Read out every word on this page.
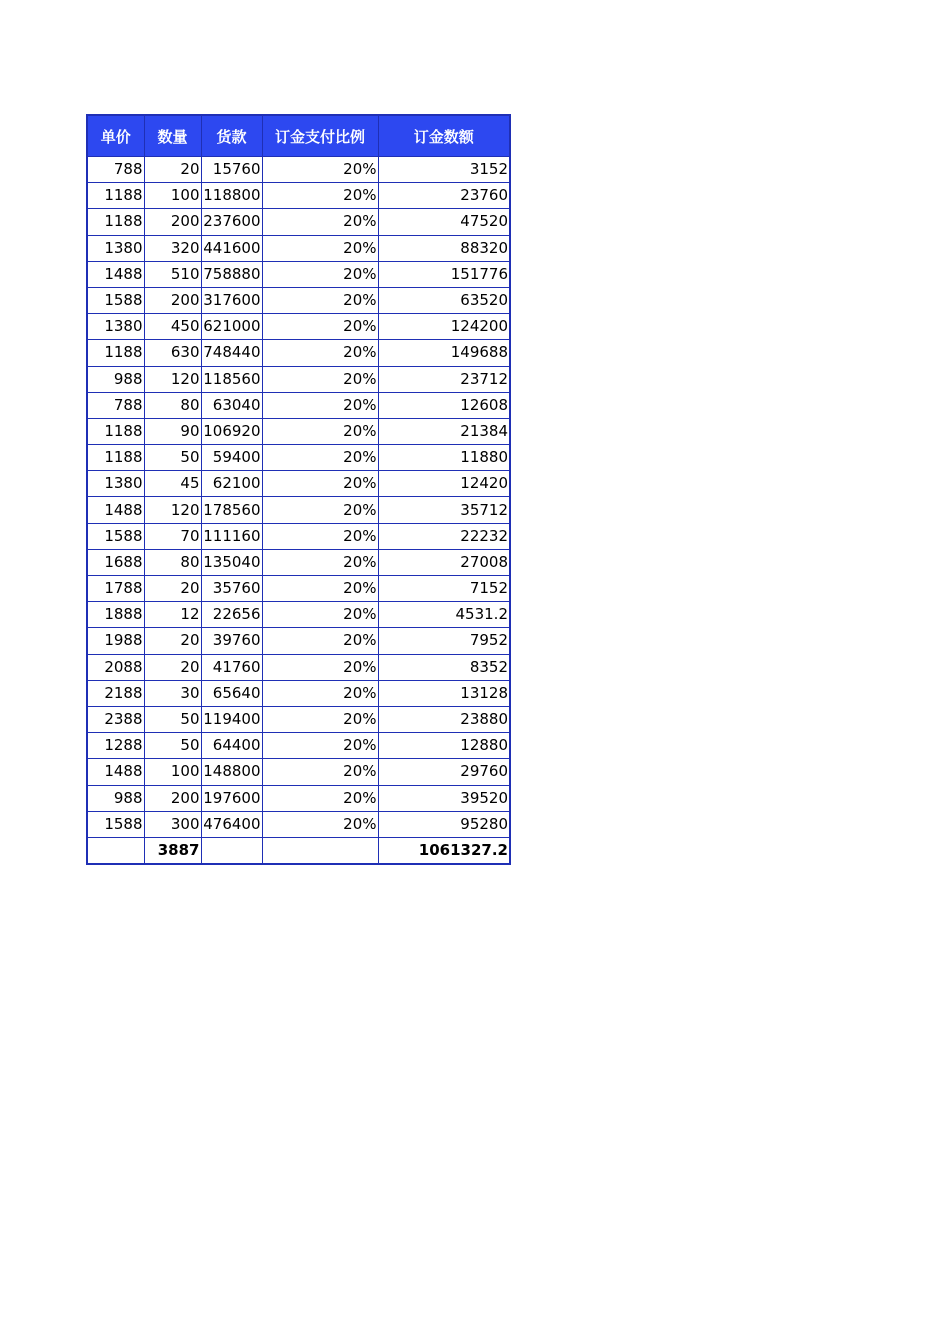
单价	数量	货款	订金支付比例	订金数额
788	20	15760	20%	3152
1188	100	118800	20%	23760
1188	200	237600	20%	47520
1380	320	441600	20%	88320
1488	510	758880	20%	151776
1588	200	317600	20%	63520
1380	450	621000	20%	124200
1188	630	748440	20%	149688
988	120	118560	20%	23712
788	80	63040	20%	12608
1188	90	106920	20%	21384
1188	50	59400	20%	11880
1380	45	62100	20%	12420
1488	120	178560	20%	35712
1588	70	111160	20%	22232
1688	80	135040	20%	27008
1788	20	35760	20%	7152
1888	12	22656	20%	4531.2
1988	20	39760	20%	7952
2088	20	41760	20%	8352
2188	30	65640	20%	13128
2388	50	119400	20%	23880
1288	50	64400	20%	12880
1488	100	148800	20%	29760
988	200	197600	20%	39520
1588	300	476400	20%	95280
	3887			1061327.2
